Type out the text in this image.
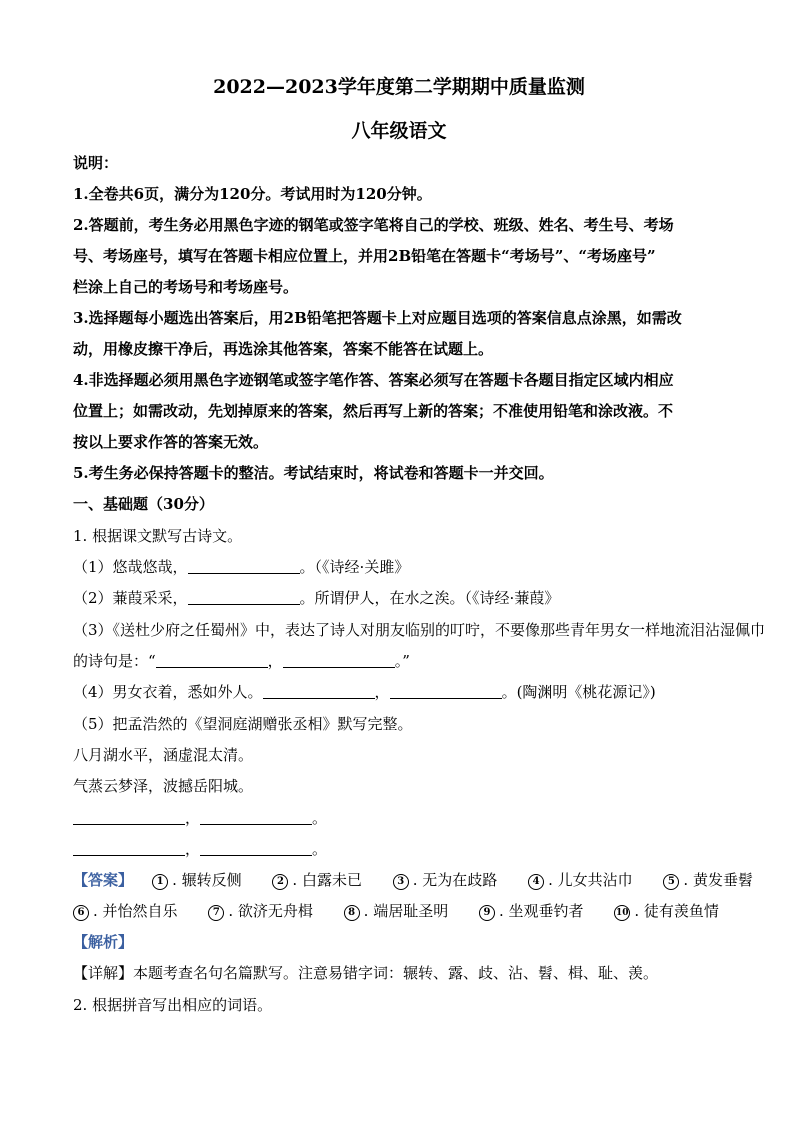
2022—2023学年度第二学期期中质量监测
八年级语文
说明：
1.全卷共6页，满分为120分。考试用时为120分钟。
2.答题前，考生务必用黑色字迹的钢笔或签字笔将自己的学校、班级、姓名、考生号、考场
号、考场座号，填写在答题卡相应位置上，并用2B铅笔在答题卡“考场号”、“考场座号”
栏涂上自己的考场号和考场座号。
3.选择题每小题选出答案后，用2B铅笔把答题卡上对应题目选项的答案信息点涂黑，如需改
动，用橡皮擦干净后，再选涂其他答案，答案不能答在试题上。
4.非选择题必须用黑色字迹钢笔或签字笔作答、答案必须写在答题卡各题目指定区域内相应
位置上；如需改动，先划掉原来的答案，然后再写上新的答案；不准使用铅笔和涂改液。不
按以上要求作答的答案无效。
5.考生务必保持答题卡的整洁。考试结束时，将试卷和答题卡一并交回。
一、基础题（30分）
1. 根据课文默写古诗文。
（1）悠哉悠哉，	。（《诗经·关雎》
（2）蒹葭采采，	。所谓伊人，在水之涘。（《诗经·蒹葭》
（3）《送杜少府之任蜀州》中，表达了诗人对朋友临别的叮咛，不要像那些青年男女一样地流泪沾湿佩巾
的诗句是：“	，	。”
（4）男女衣着，悉如外人。	，	。(陶渊明《桃花源记》)
（5）把孟浩然的《望洞庭湖赠张丞相》默写完整。
八月湖水平，涵虚混太清。
气蒸云梦泽，波撼岳阳城。
，	。
，	。
【答案】 1 . 辗转反侧	2 . 白露未已	3 . 无为在歧路	4 . 儿女共沾巾	5 . 黄发垂髫
6 . 并怡然自乐	7 . 欲济无舟楫	8 . 端居耻圣明	9 . 坐观垂钓者	10 . 徒有羡鱼情
【解析】
【详解】本题考查名句名篇默写。注意易错字词：辗转、露、歧、沾、髫、楫、耻、羡。
2. 根据拼音写出相应的词语。
